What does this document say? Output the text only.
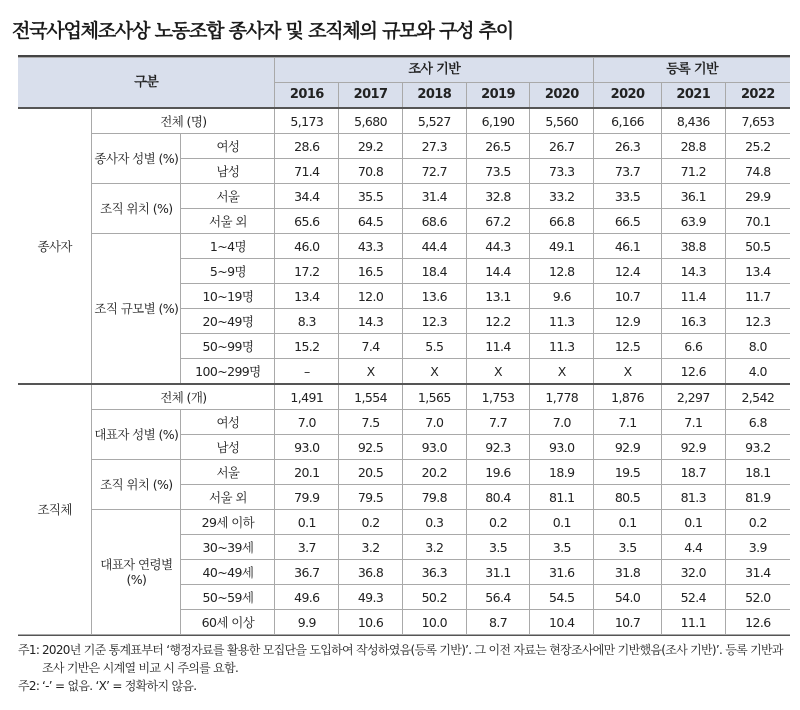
전국사업체조사상 노동조합 종사자 및 조직체의 규모와 구성 추이
구분			조사 기반					등록 기반		
			2016	2017	2018	2019	2020	2020	2021	2022
종사자	전체 (명)		5,173	5,680	5,527	6,190	5,560	6,166	8,436	7,653
	종사자 성별 (%)	여성	28.6	29.2	27.3	26.5	26.7	26.3	28.8	25.2
		남성	71.4	70.8	72.7	73.5	73.3	73.7	71.2	74.8
	조직 위치 (%)	서울	34.4	35.5	31.4	32.8	33.2	33.5	36.1	29.9
		서울 외	65.6	64.5	68.6	67.2	66.8	66.5	63.9	70.1
	조직 규모별 (%)	1~4명	46.0	43.3	44.4	44.3	49.1	46.1	38.8	50.5
		5~9명	17.2	16.5	18.4	14.4	12.8	12.4	14.3	13.4
		10~19명	13.4	12.0	13.6	13.1	9.6	10.7	11.4	11.7
		20~49명	8.3	14.3	12.3	12.2	11.3	12.9	16.3	12.3
		50~99명	15.2	7.4	5.5	11.4	11.3	12.5	6.6	8.0
		100~299명	–	X	X	X	X	X	12.6	4.0
조직체	전체 (개)		1,491	1,554	1,565	1,753	1,778	1,876	2,297	2,542
	대표자 성별 (%)	여성	7.0	7.5	7.0	7.7	7.0	7.1	7.1	6.8
		남성	93.0	92.5	93.0	92.3	93.0	92.9	92.9	93.2
	조직 위치 (%)	서울	20.1	20.5	20.2	19.6	18.9	19.5	18.7	18.1
		서울 외	79.9	79.5	79.8	80.4	81.1	80.5	81.3	81.9
	대표자 연령별 (%)	29세 이하	0.1	0.2	0.3	0.2	0.1	0.1	0.1	0.2
		30~39세	3.7	3.2	3.2	3.5	3.5	3.5	4.4	3.9
		40~49세	36.7	36.8	36.3	31.1	31.6	31.8	32.0	31.4
		50~59세	49.6	49.3	50.2	56.4	54.5	54.0	52.4	52.0
		60세 이상	9.9	10.6	10.0	8.7	10.4	10.7	11.1	12.6
주1: 2020년 기준 통계표부터 ‘행정자료를 활용한 모집단을 도입하여 작성하였음(등록 기반)’. 그 이전 자료는 현장조사에만 기반했음(조사 기반)’. 등록 기반과 조사 기반은 시계열 비교 시 주의를 요함.
주2: ‘-’ = 없음. ‘X’ = 정확하지 않음.
